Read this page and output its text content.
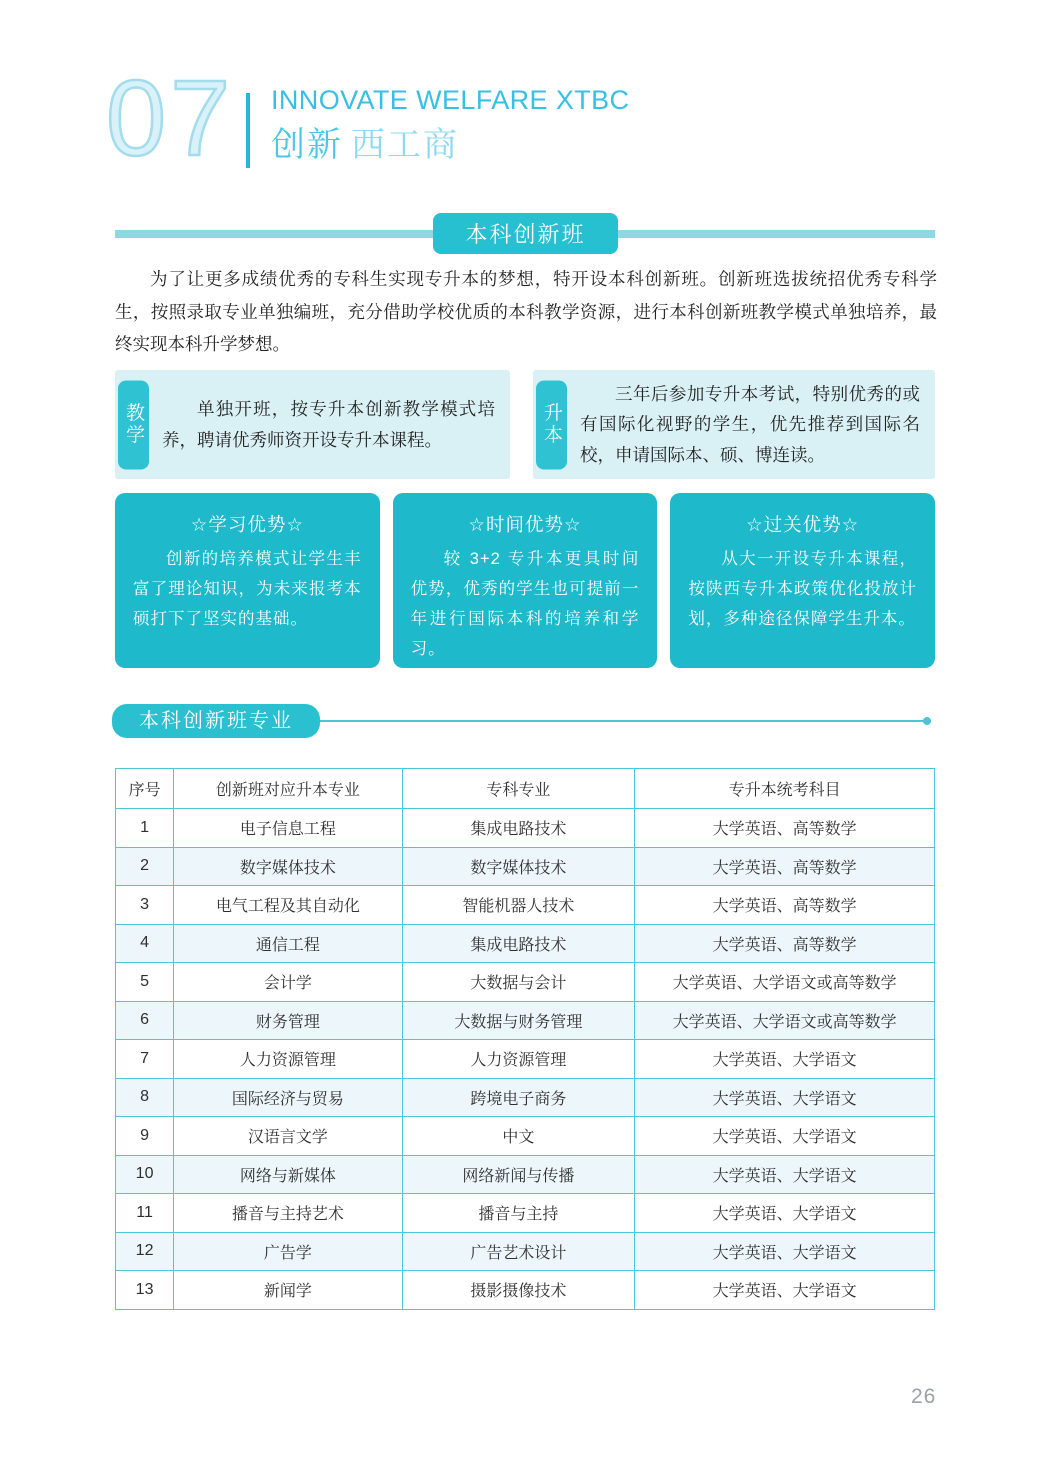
07 INNOVATE WELFARE XTBC
创新 西工商
本科创新班

为了让更多成绩优秀的专科生实现专升本的梦想，特开设本科创新班。创新班选拔统招优秀专科学生，按照录取专业单独编班，充分借助学校优质的本科教学资源，进行本科创新班教学模式单独培养，最终实现本科升学梦想。

教学	单独开班，按专升本创新教学模式培养，聘请优秀师资开设专升本课程。	升本
三年后参加专升本考试，特别优秀的或有国际化视野的学生，优先推荐到国际名校，申请国际本、硕、博连读。
☆学习优势☆
创新的培养模式让学生丰富了理论知识，为未来报考本硕打下了坚实的基础。
☆时间优势☆
较 3+2 专升本更具时间优势，优秀的学生也可提前一年进行国际本科的培养和学习。
☆过关优势☆
从大一开设专升本课程，按陕西专升本政策优化投放计划，多种途径保障学生升本。
本科创新班专业
序号	创新班对应升本专业	专科专业	专升本统考科目
1	电子信息工程	集成电路技术	大学英语、高等数学
2	数字媒体技术	数字媒体技术	大学英语、高等数学
3	电气工程及其自动化	智能机器人技术	大学英语、高等数学
4	通信工程	集成电路技术	大学英语、高等数学
5	会计学	大数据与会计	大学英语、大学语文或高等数学
6	财务管理	大数据与财务管理	大学英语、大学语文或高等数学
7	人力资源管理	人力资源管理	大学英语、大学语文
8	国际经济与贸易	跨境电子商务	大学英语、大学语文
9	汉语言文学	中文	大学英语、大学语文
10	网络与新媒体	网络新闻与传播	大学英语、大学语文
11	播音与主持艺术	播音与主持	大学英语、大学语文
12	广告学	广告艺术设计	大学英语、大学语文
13	新闻学	摄影摄像技术	大学英语、大学语文
26
